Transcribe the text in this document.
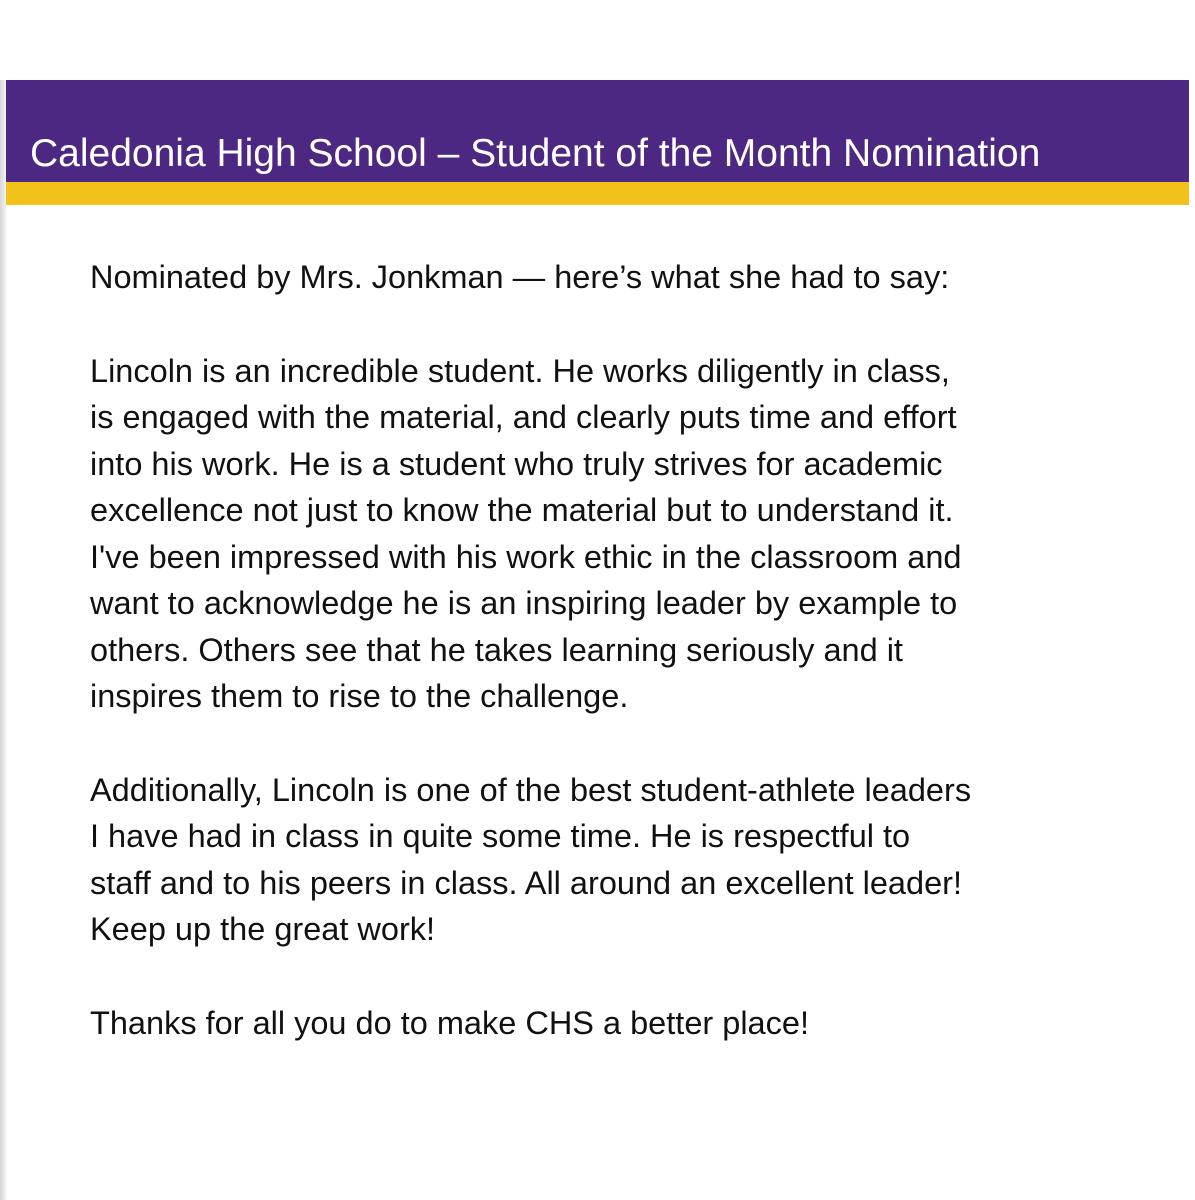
Caledonia High School – Student of the Month Nomination

Nominated by Mrs. Jonkman — here’s what she had to say:

Lincoln is an incredible student. He works diligently in class,
is engaged with the material, and clearly puts time and effort
into his work. He is a student who truly strives for academic
excellence not just to know the material but to understand it.
I've been impressed with his work ethic in the classroom and
want to acknowledge he is an inspiring leader by example to
others. Others see that he takes learning seriously and it
inspires them to rise to the challenge.

Additionally, Lincoln is one of the best student-athlete leaders
I have had in class in quite some time. He is respectful to
staff and to his peers in class. All around an excellent leader!
Keep up the great work!

Thanks for all you do to make CHS a better place!
